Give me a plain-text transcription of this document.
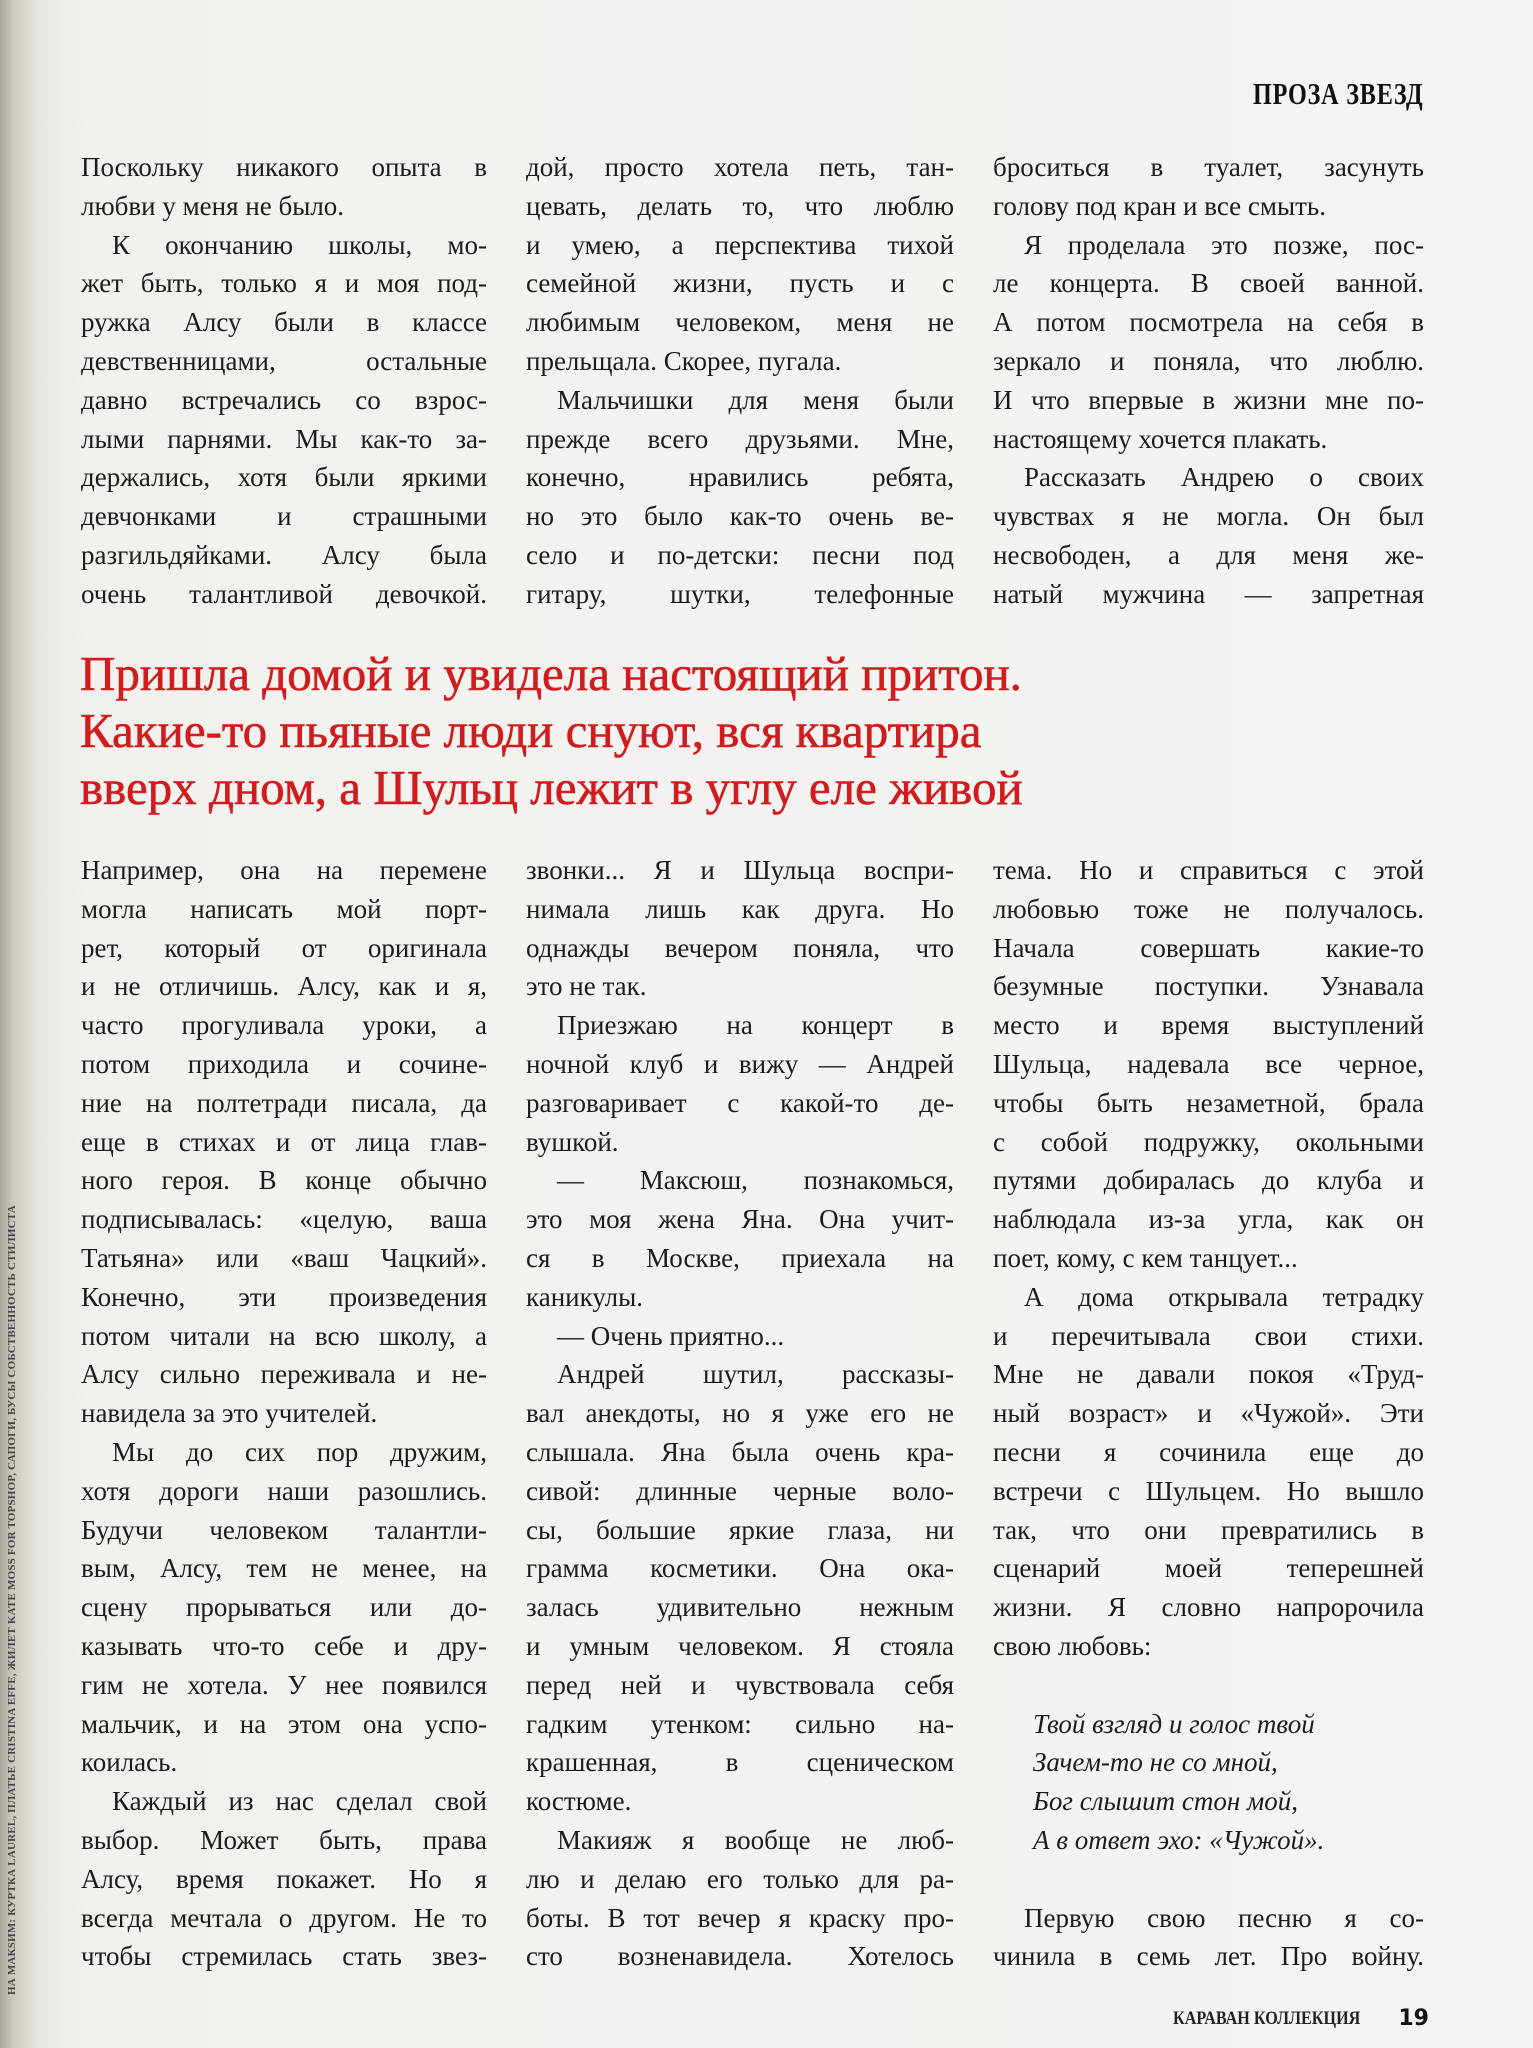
ПРОЗА ЗВЕЗД
Поскольку никакого опыта в
любви у меня не было.
К окончанию школы, мо-
жет быть, только я и моя под-
ружка Алсу были в классе
девственницами, остальные
давно встречались со взрос-
лыми парнями. Мы как-то за-
держались, хотя были яркими
девчонками и страшными
разгильдяйками. Алсу была
очень талантливой девочкой.
дой, просто хотела петь, тан-
цевать, делать то, что люблю
и умею, а перспектива тихой
семейной жизни, пусть и с
любимым человеком, меня не
прельщала. Скорее, пугала.
Мальчишки для меня были
прежде всего друзьями. Мне,
конечно, нравились ребята,
но это было как-то очень ве-
село и по-детски: песни под
гитару, шутки, телефонные
броситься в туалет, засунуть
голову под кран и все смыть.
Я проделала это позже, пос-
ле концерта. В своей ванной.
А потом посмотрела на себя в
зеркало и поняла, что люблю.
И что впервые в жизни мне по-
настоящему хочется плакать.
Рассказать Андрею о своих
чувствах я не могла. Он был
несвободен, а для меня же-
натый мужчина — запретная
Пришла домой и увидела настоящий притон.
Какие-то пьяные люди снуют, вся квартира
вверх дном, а Шульц лежит в углу еле живой
Например, она на перемене
могла написать мой порт-
рет, который от оригинала
и не отличишь. Алсу, как и я,
часто прогуливала уроки, а
потом приходила и сочине-
ние на полтетради писала, да
еще в стихах и от лица глав-
ного героя. В конце обычно
подписывалась: «целую, ваша
Татьяна» или «ваш Чацкий».
Конечно, эти произведения
потом читали на всю школу, а
Алсу сильно переживала и не-
навидела за это учителей.
Мы до сих пор дружим,
хотя дороги наши разошлись.
Будучи человеком талантли-
вым, Алсу, тем не менее, на
сцену прорываться или до-
казывать что-то себе и дру-
гим не хотела. У нее появился
мальчик, и на этом она успо-
коилась.
Каждый из нас сделал свой
выбор. Может быть, права
Алсу, время покажет. Но я
всегда мечтала о другом. Не то
чтобы стремилась стать звез-
звонки... Я и Шульца воспри-
нимала лишь как друга. Но
однажды вечером поняла, что
это не так.
Приезжаю на концерт в
ночной клуб и вижу — Андрей
разговаривает с какой-то де-
вушкой.
— Максюш, познакомься,
это моя жена Яна. Она учит-
ся в Москве, приехала на
каникулы.
— Очень приятно...
Андрей шутил, рассказы-
вал анекдоты, но я уже его не
слышала. Яна была очень кра-
сивой: длинные черные воло-
сы, большие яркие глаза, ни
грамма косметики. Она ока-
залась удивительно нежным
и умным человеком. Я стояла
перед ней и чувствовала себя
гадким утенком: сильно на-
крашенная, в сценическом
костюме.
Макияж я вообще не люб-
лю и делаю его только для ра-
боты. В тот вечер я краску про-
сто возненавидела. Хотелось
тема. Но и справиться с этой
любовью тоже не получалось.
Начала совершать какие-то
безумные поступки. Узнавала
место и время выступлений
Шульца, надевала все черное,
чтобы быть незаметной, брала
с собой подружку, окольными
путями добиралась до клуба и
наблюдала из-за угла, как он
поет, кому, с кем танцует...
А дома открывала тетрадку
и перечитывала свои стихи.
Мне не давали покоя «Труд-
ный возраст» и «Чужой». Эти
песни я сочинила еще до
встречи с Шульцем. Но вышло
так, что они превратились в
сценарий моей теперешней
жизни. Я словно напророчила
свою любовь:
Твой взгляд и голос твой
Зачем-то не со мной,
Бог слышит стон мой,
А в ответ эхо: «Чужой».
Первую свою песню я со-
чинила в семь лет. Про войну.
НА МАКSИМ: КУРТКА LAUREL, ПЛАТЬЕ CRISTINA EFFE, ЖИЛЕТ KATE MOSS FOR TOPSHOP, САПОГИ, БУСЫ СОБСТВЕННОСТЬ СТИЛИСТА
КАРАВАН КОЛЛЕКЦИЯ 19
